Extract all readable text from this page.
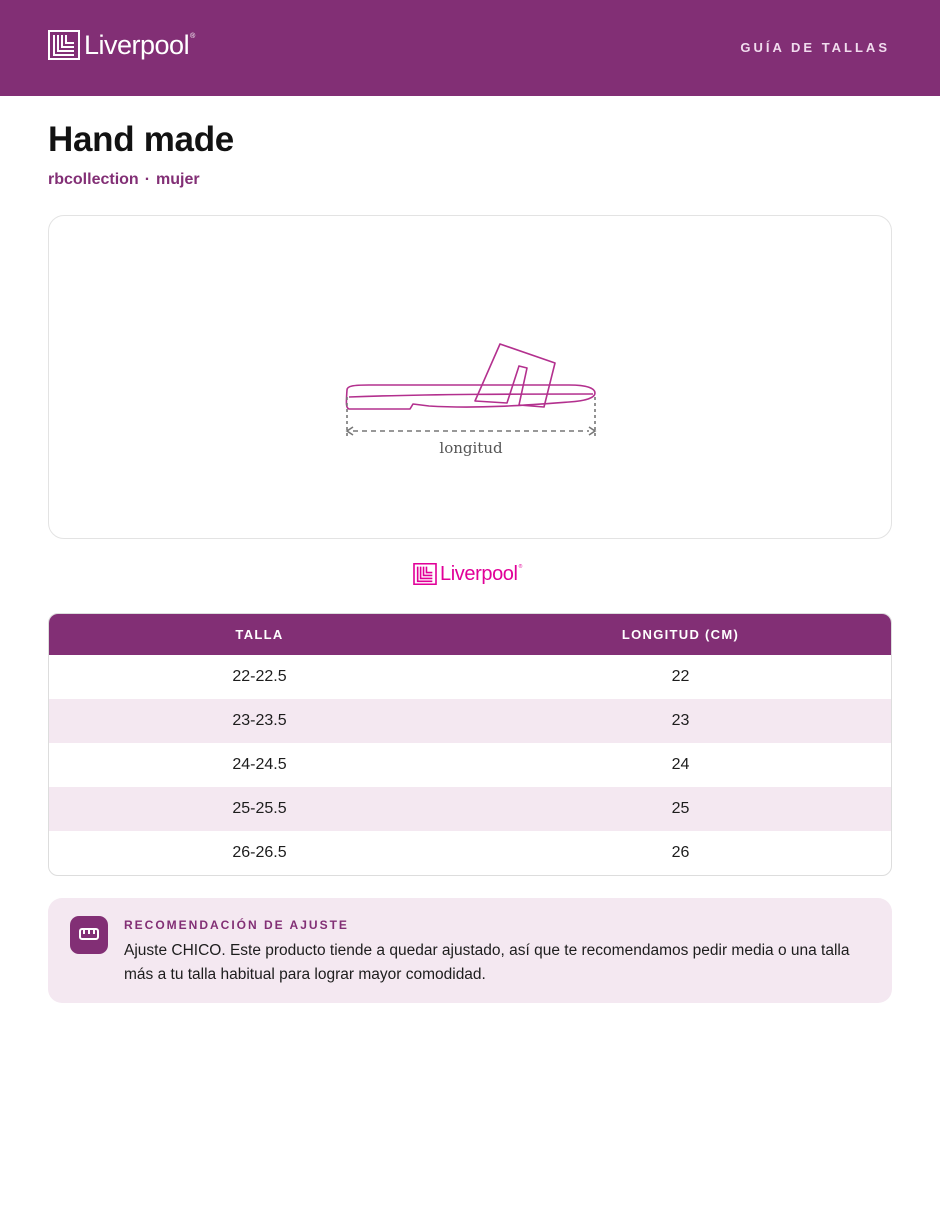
Liverpool ®
GUÍA DE TALLAS
Hand made
rbcollection · mujer
longitud
Liverpool ®
TALLA	LONGITUD (CM)
22-22.5	22
23-23.5	23
24-24.5	24
25-25.5	25
26-26.5	26
RECOMENDACIÓN DE AJUSTE
Ajuste CHICO. Este producto tiende a quedar ajustado, así que te recomendamos pedir media o una talla más a tu talla habitual para lograr mayor comodidad.
